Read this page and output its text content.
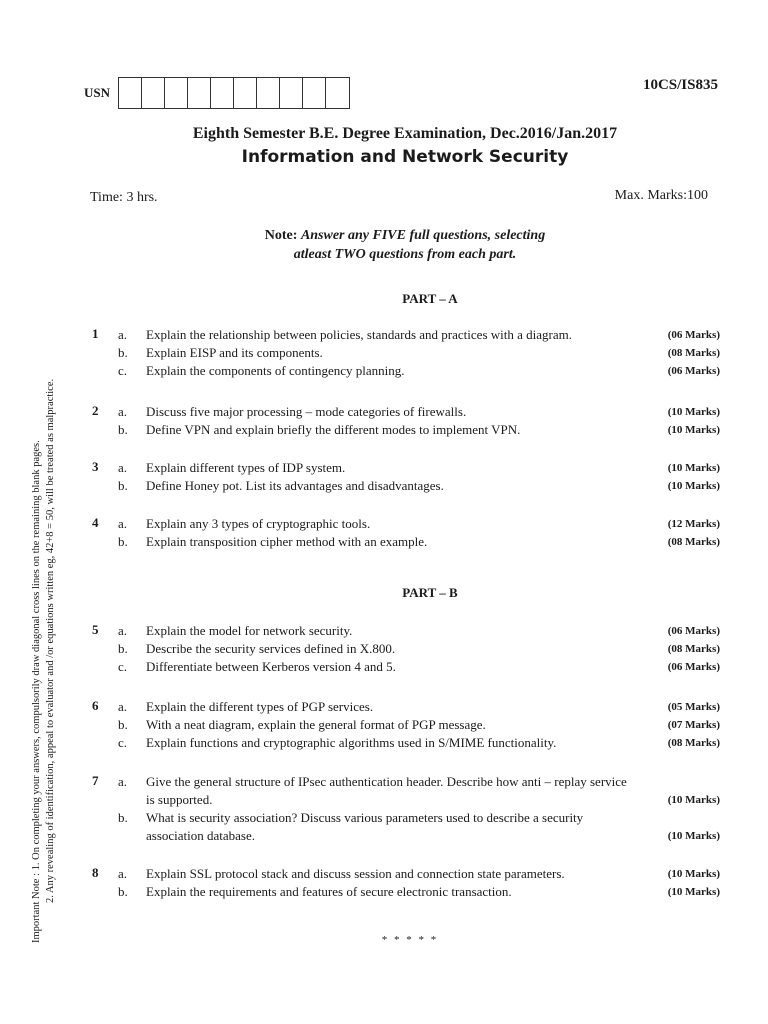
USN	10CS/IS835
Eighth Semester B.E. Degree Examination, Dec.2016/Jan.2017
Information and Network Security
Time: 3 hrs.	Max. Marks:100
Note: Answer any FIVE full questions, selecting
atleast TWO questions from each part.
PART – A
PART – B
1	a.	Explain the relationship between policies, standards and practices with a diagram.	(06 Marks)
b.	Explain EISP and its components.	(08 Marks)
c.	Explain the components of contingency planning.	(06 Marks)
2	a.	Discuss five major processing – mode categories of firewalls.	(10 Marks)
b.	Define VPN and explain briefly the different modes to implement VPN.	(10 Marks)
3	a.	Explain different types of IDP system.	(10 Marks)
b.	Define Honey pot. List its advantages and disadvantages.	(10 Marks)
4	a.	Explain any 3 types of cryptographic tools.	(12 Marks)
b.	Explain transposition cipher method with an example.	(08 Marks)
5	a.	Explain the model for network security.	(06 Marks)
b.	Describe the security services defined in X.800.	(08 Marks)
c.	Differentiate between Kerberos version 4 and 5.	(06 Marks)
6	a.	Explain the different types of PGP services.	(05 Marks)
b.	With a neat diagram, explain the general format of PGP message.	(07 Marks)
c.	Explain functions and cryptographic algorithms used in S/MIME functionality.	(08 Marks)
7	a.	Give the general structure of IPsec authentication header. Describe how anti – replay service
is supported.	(10 Marks)
b.	What is security association? Discuss various parameters used to describe a security
association database.	(10 Marks)
8	a.	Explain SSL protocol stack and discuss session and connection state parameters.	(10 Marks)
b.	Explain the requirements and features of secure electronic transaction.	(10 Marks)
* * * * *
Important Note : 1. On completing your answers, compulsorily draw diagonal cross lines on the remaining blank pages. 2. Any revealing of identification, appeal to evaluator and /or equations written eg, 42+8 = 50, will be treated as malpractice.
